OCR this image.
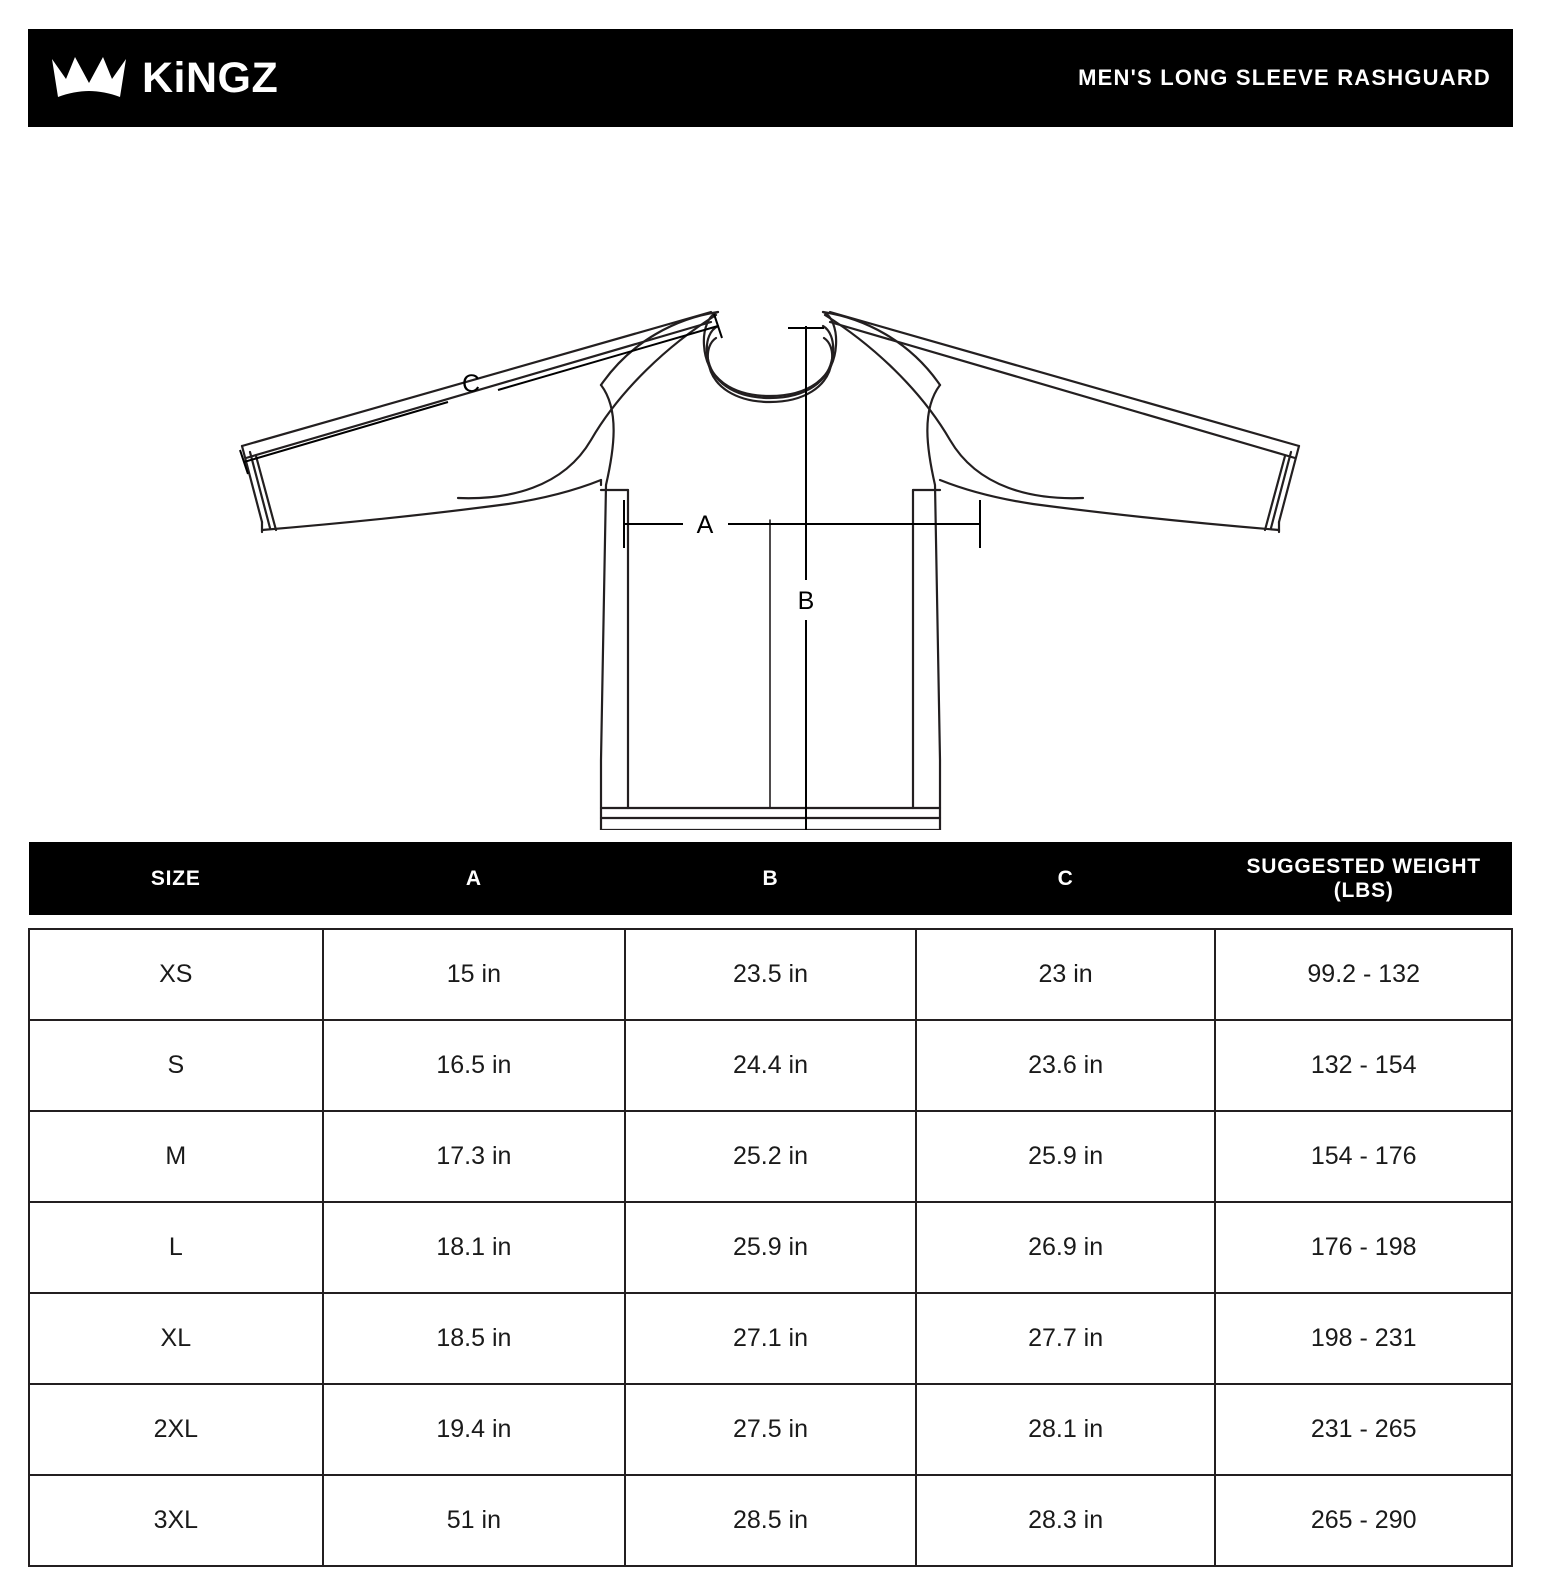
KiNGZ	MEN'S LONG SLEEVE RASHGUARD
A
B
C
SIZE	A	B	C	SUGGESTED WEIGHT (LBS)

XS	15 in	23.5 in	23 in	99.2 - 132
S	16.5 in	24.4 in	23.6 in	132 - 154
M	17.3 in	25.2 in	25.9 in	154 - 176
L	18.1 in	25.9 in	26.9 in	176 - 198
XL	18.5 in	27.1 in	27.7 in	198 - 231
2XL	19.4 in	27.5 in	28.1 in	231 - 265
3XL	51 in	28.5 in	28.3 in	265 - 290
